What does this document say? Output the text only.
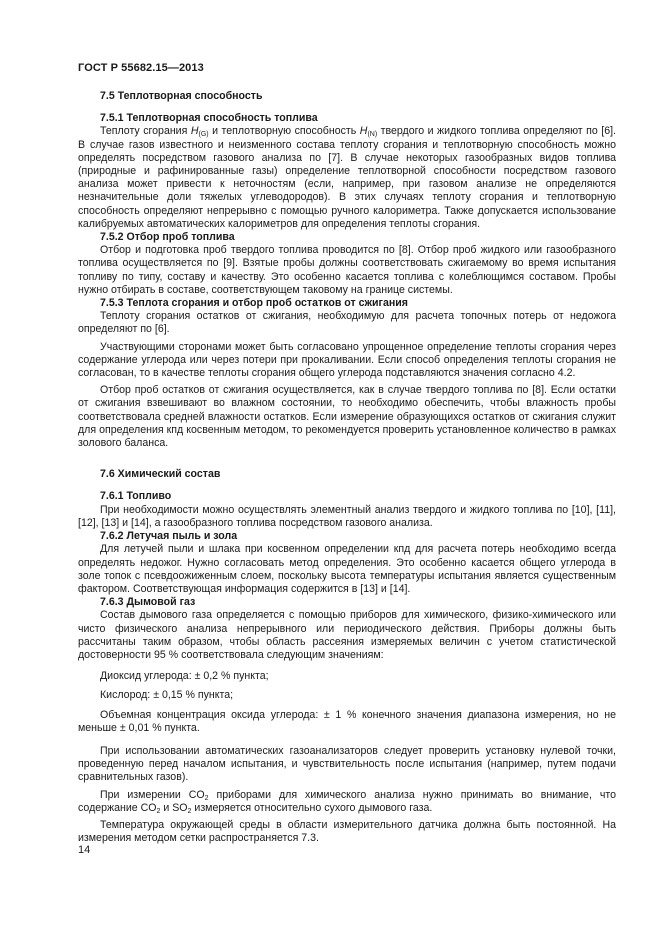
ГОСТ Р 55682.15—2013
7.5 Теплотворная способность
7.5.1 Теплотворная способность топлива

Теплоту сгорания $H_{(G)}$ и теплотворную способность $H_{(N)}$ твердого и жидкого топлива определяют по [6]. В случае газов известного и неизменного состава теплоту сгорания и теплотворную способность можно определять посредством газового анализа по [7]. В случае некоторых газообразных видов топлива (природные и рафинированные газы) определение теплотворной способности посредством газового анализа может привести к неточностям (если, например, при газовом анализе не определяются незначительные доли тяжелых углеводородов). В этих случаях теплоту сгорания и теплотворную способность определяют непрерывно с помощью ручного калориметра. Также допускается использование калибруемых автоматических калориметров для определения теплоты сгорания.

7.5.2 Отбор проб топлива

Отбор и подготовка проб твердого топлива проводится по [8]. Отбор проб жидкого или газообразного топлива осуществляется по [9]. Взятые пробы должны соответствовать сжигаемому во время испытания топливу по типу, составу и качеству. Это особенно касается топлива с колеблющимся составом. Пробы нужно отбирать в составе, соответствующем таковому на границе системы.

7.5.3 Теплота сгорания и отбор проб остатков от сжигания

Теплоту сгорания остатков от сжигания, необходимую для расчета топочных потерь от недожога определяют по [6].

Участвующими сторонами может быть согласовано упрощенное определение теплоты сгорания через содержание углерода или через потери при прокаливании. Если способ определения теплоты сгорания не согласован, то в качестве теплоты сгорания общего углерода подставляются значения согласно 4.2.

Отбор проб остатков от сжигания осуществляется, как в случае твердого топлива по [8]. Если остатки от сжигания взвешивают во влажном состоянии, то необходимо обеспечить, чтобы влажность пробы соответствовала средней влажности остатков. Если измерение образующихся остатков от сжигания служит для определения кпд косвенным методом, то рекомендуется проверить установленное количество в рамках золового баланса.

7.6 Химический состав
7.6.1 Топливо

При необходимости можно осуществлять элементный анализ твердого и жидкого топлива по [10], [11], [12], [13] и [14], а газообразного топлива посредством газового анализа.

7.6.2 Летучая пыль и зола

Для летучей пыли и шлака при косвенном определении кпд для расчета потерь необходимо всегда определять недожог. Нужно согласовать метод определения. Это особенно касается общего углерода в золе топок с псевдоожиженным слоем, поскольку высота температуры испытания является существенным фактором. Соответствующая информация содержится в [13] и [14].

7.6.3 Дымовой газ

Состав дымового газа определяется с помощью приборов для химического, физико-химического или чисто физического анализа непрерывного или периодического действия. Приборы должны быть рассчитаны таким образом, чтобы область рассеяния измеряемых величин с учетом статистической достоверности 95 % соответствовала следующим значениям:

Диоксид углерода: ± 0,2 % пункта;

Кислород: ± 0,15 % пункта;

Объемная концентрация оксида углерода: ± 1 % конечного значения диапазона измерения, но не меньше ± 0,01 % пункта.

При использовании автоматических газоанализаторов следует проверить установку нулевой точки, проведенную перед началом испытания, и чувствительность после испытания (например, путем подачи сравнительных газов).

При измерении $CO_2$ приборами для химического анализа нужно принимать во внимание, что содержание $CO_2$ и $SO_2$ измеряется относительно сухого дымового газа.

Температура окружающей среды в области измерительного датчика должна быть постоянной. На измерения методом сетки распространяется 7.3.

14
